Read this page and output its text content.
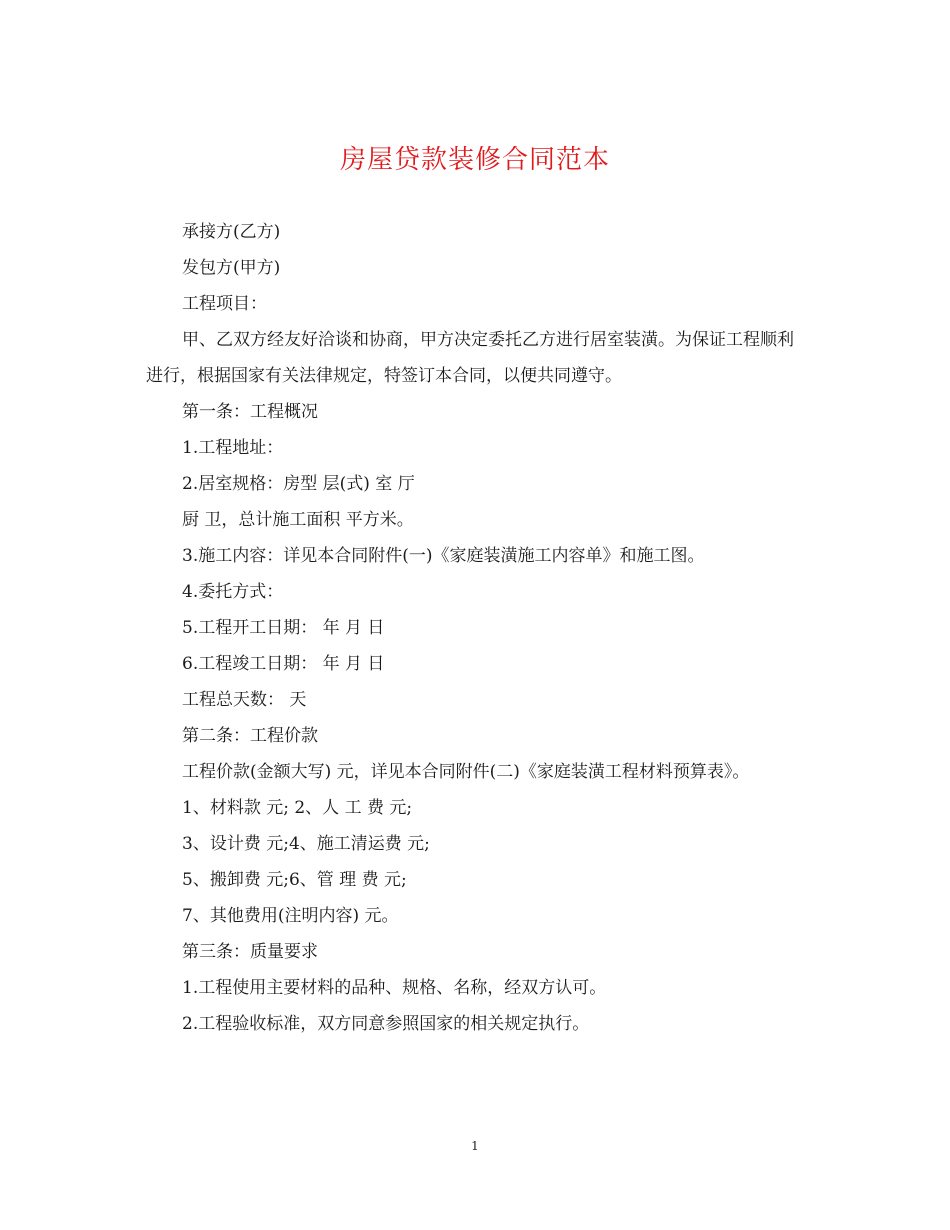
房屋贷款装修合同范本

承接方(乙方)

发包方(甲方)

工程项目：

甲、乙双方经友好洽谈和协商，甲方决定委托乙方进行居室装潢。为保证工程顺利进行，根据国家有关法律规定，特签订本合同，以便共同遵守。

第一条：工程概况

1.工程地址：

2.居室规格：房型 层(式) 室 厅

厨 卫，总计施工面积 平方米。

3.施工内容：详见本合同附件(一)《家庭装潢施工内容单》和施工图。

4.委托方式：

5.工程开工日期： 年 月 日

6.工程竣工日期： 年 月 日

工程总天数： 天

第二条：工程价款

工程价款(金额大写) 元，详见本合同附件(二)《家庭装潢工程材料预算表》。

1、材料款 元; 2、人 工 费 元;

3、设计费 元;4、施工清运费 元;

5、搬卸费 元;6、管 理 费 元;

7、其他费用(注明内容) 元。

第三条：质量要求

1.工程使用主要材料的品种、规格、名称，经双方认可。

2.工程验收标准，双方同意参照国家的相关规定执行。

1
